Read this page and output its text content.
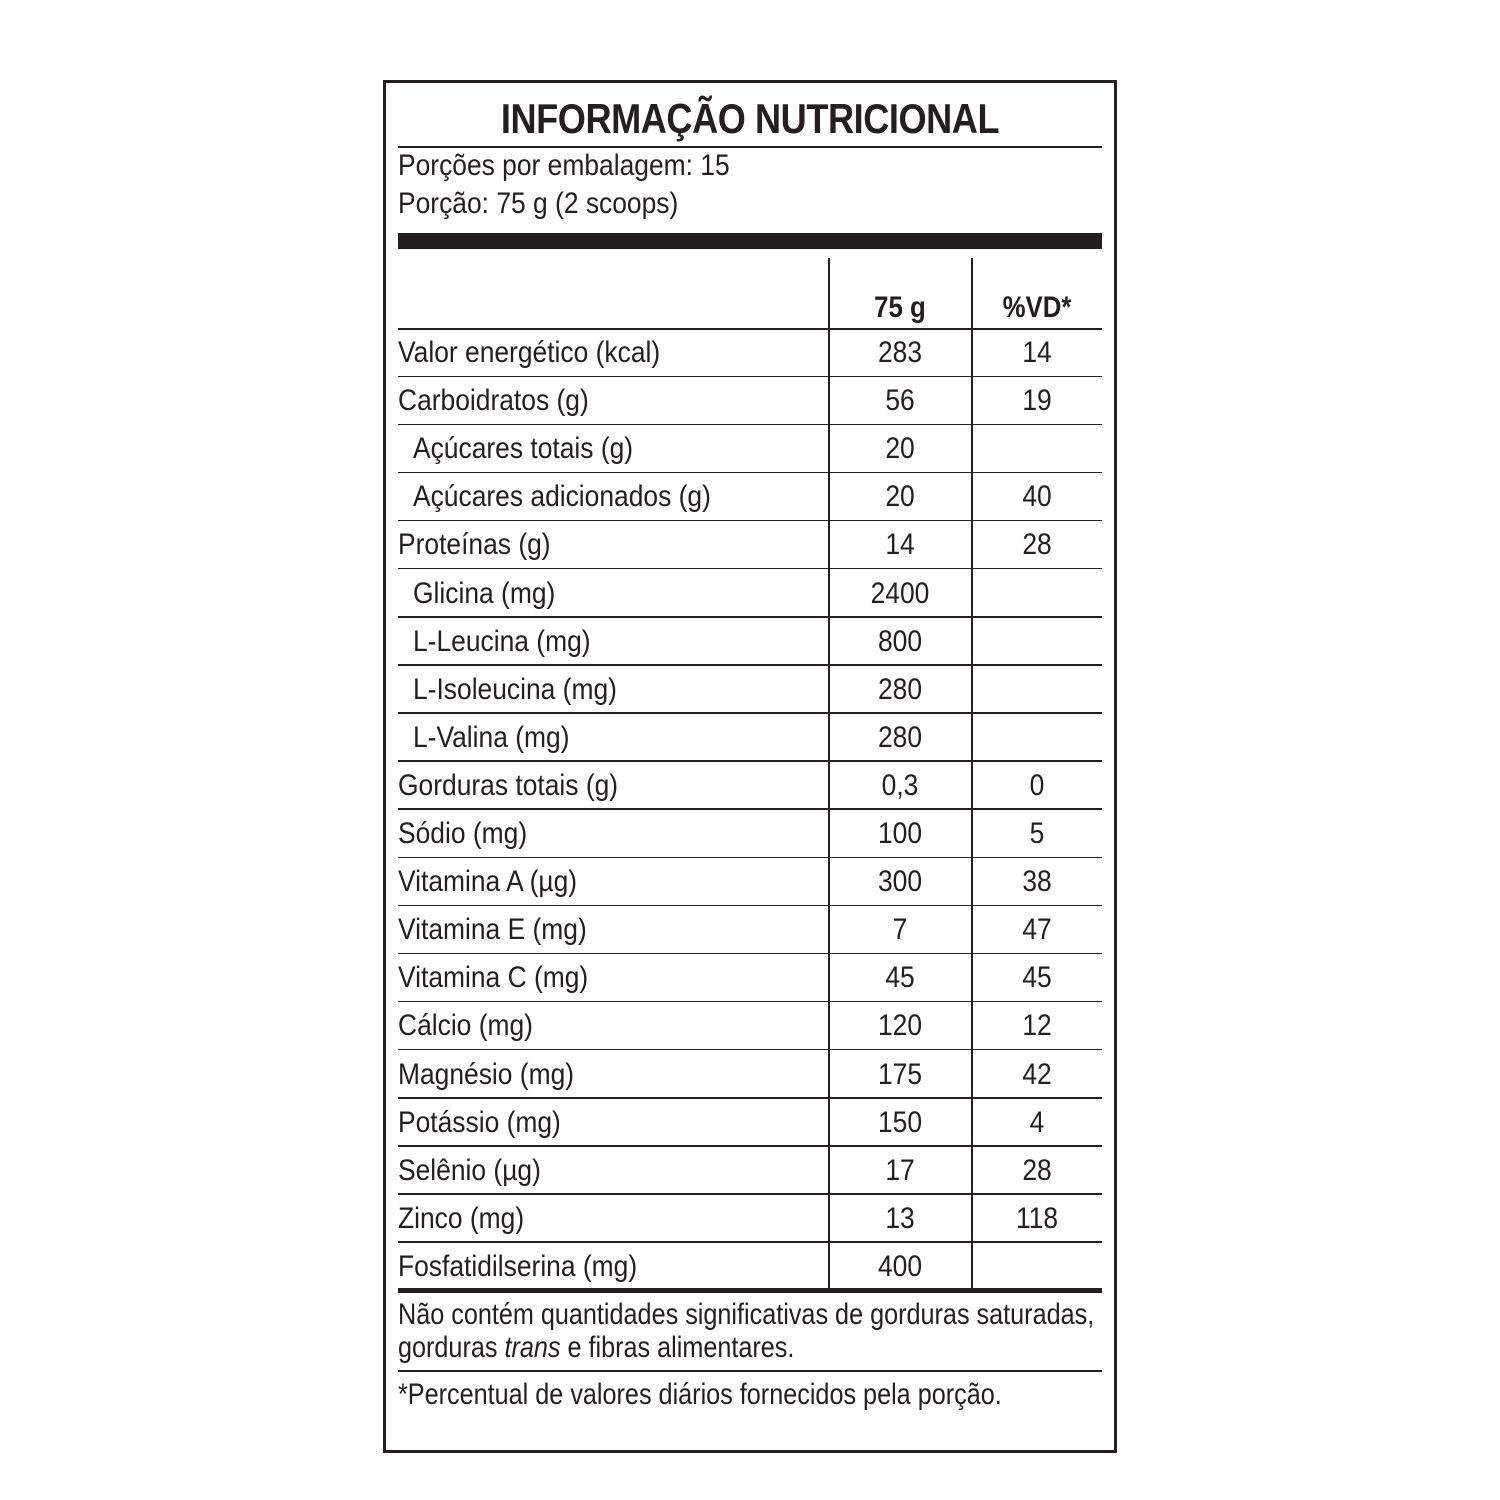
INFORMAÇÃO NUTRICIONAL
Porções por embalagem: 15
Porção: 75 g (2 scoops)
75 g	%VD*
Valor energético (kcal)	283	14
Carboidratos (g)	56	19
Açúcares totais (g)	20
Açúcares adicionados (g)	20	40
Proteínas (g)	14	28
Glicina (mg)	2400
L-Leucina (mg)	800
L-Isoleucina (mg)	280
L-Valina (mg)	280
Gorduras totais (g)	0,3	0
Sódio (mg)	100	5
Vitamina A (µg)	300	38
Vitamina E (mg)	7	47
Vitamina C (mg)	45	45
Cálcio (mg)	120	12
Magnésio (mg)	175	42
Potássio (mg)	150	4
Selênio (µg)	17	28
Zinco (mg)	13	118
Fosfatidilserina (mg)	400
Não contém quantidades significativas de gorduras saturadas,
gorduras trans e fibras alimentares.
*Percentual de valores diários fornecidos pela porção.
